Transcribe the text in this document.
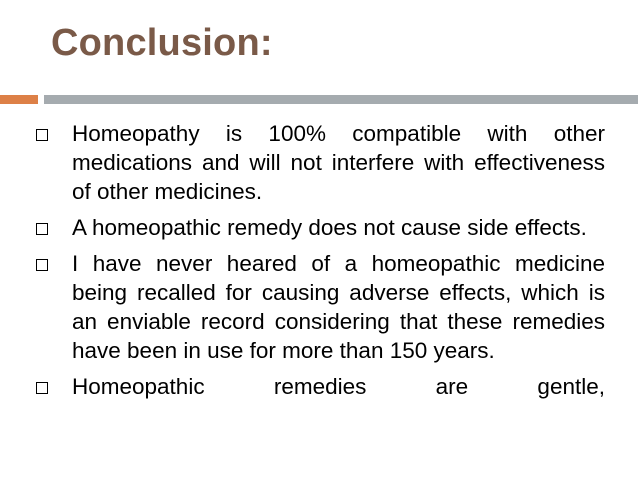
Conclusion:
Homeopathy is 100% compatible with other medications and will not interfere with effectiveness of other medicines.
A homeopathic remedy does not cause side effects.
I have never heared of a homeopathic medicine being recalled for causing adverse effects, which is an enviable record considering that these remedies have been in use for more than 150 years.
Homeopathic remedies are gentle,
